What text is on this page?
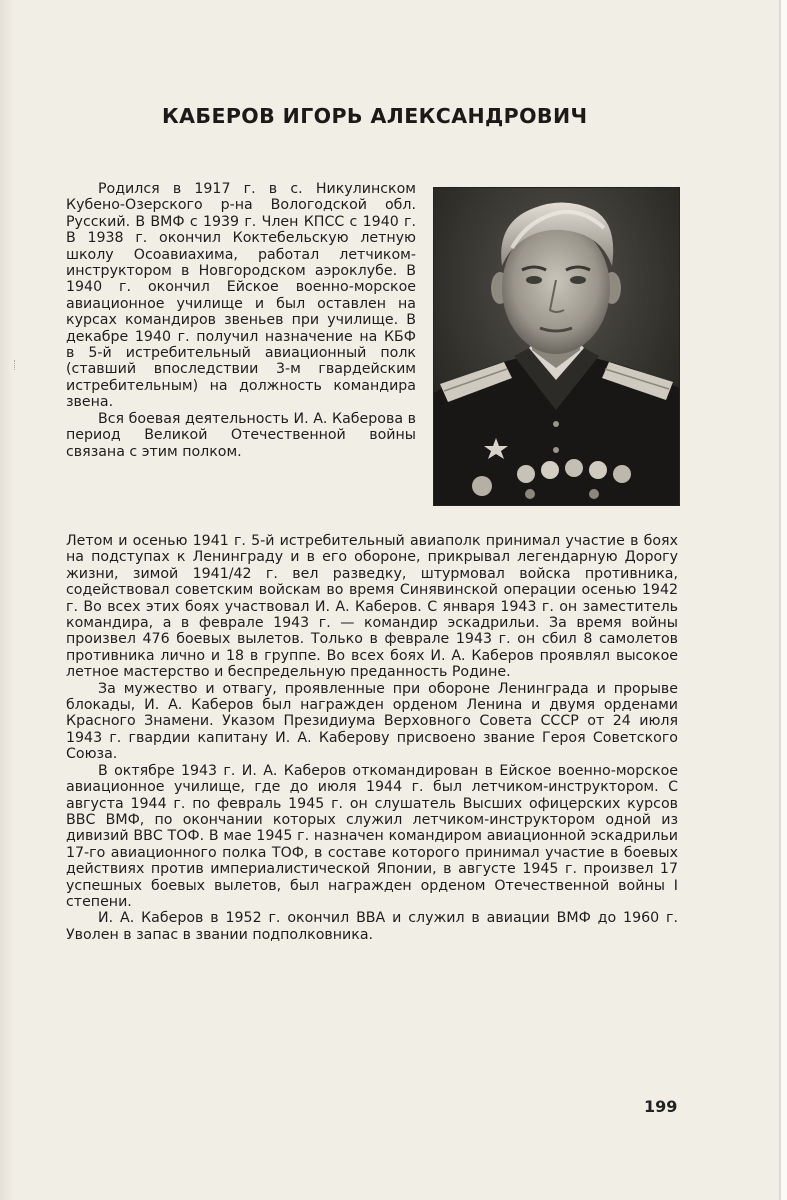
КАБЕРОВ ИГОРЬ АЛЕКСАНДРОВИЧ

Родился в 1917 г. в с. Никулинском Кубено-Озерского р-на Вологодской обл. Русский. В ВМФ с 1939 г. Член КПСС с 1940 г. В 1938 г. окончил Коктебельскую летную школу Осоавиахима, работал летчиком-инструктором в Новгородском аэроклубе. В 1940 г. окончил Ейское военно-морское авиационное училище и был оставлен на курсах командиров звеньев при училище. В декабре 1940 г. получил назначение на КБФ в 5-й истребительный авиационный полк (ставший впоследствии 3-м гвардейским истребительным) на должность командира звена.

Вся боевая деятельность И. А. Каберова в период Великой Отечественной войны связана с этим полком.

Летом и осенью 1941 г. 5-й истребительный авиаполк принимал участие в боях на подступах к Ленинграду и в его обороне, прикрывал легендарную Дорогу жизни, зимой 1941/42 г. вел разведку, штурмовал войска противника, содействовал советским войскам во время Синявинской операции осенью 1942 г. Во всех этих боях участвовал И. А. Каберов. С января 1943 г. он заместитель командира, а в феврале 1943 г. — командир эскадрильи. За время войны произвел 476 боевых вылетов. Только в феврале 1943 г. он сбил 8 самолетов противника лично и 18 в группе. Во всех боях И. А. Каберов проявлял высокое летное мастерство и беспредельную преданность Родине.

За мужество и отвагу, проявленные при обороне Ленинграда и прорыве блокады, И. А. Каберов был награжден орденом Ленина и двумя орденами Красного Знамени. Указом Президиума Верховного Совета СССР от 24 июля 1943 г. гвардии капитану И. А. Каберову присвоено звание Героя Советского Союза.

В октябре 1943 г. И. А. Каберов откомандирован в Ейское военно-морское авиационное училище, где до июля 1944 г. был летчиком-инструктором. С августа 1944 г. по февраль 1945 г. он слушатель Высших офицерских курсов ВВС ВМФ, по окончании которых служил летчиком-инструктором одной из дивизий ВВС ТОФ. В мае 1945 г. назначен командиром авиационной эскадрильи 17-го авиационного полка ТОФ, в составе которого принимал участие в боевых действиях против империалистической Японии, в августе 1945 г. произвел 17 успешных боевых вылетов, был награжден орденом Отечественной войны I степени.

И. А. Каберов в 1952 г. окончил ВВА и служил в авиации ВМФ до 1960 г. Уволен в запас в звании подполковника.

199
